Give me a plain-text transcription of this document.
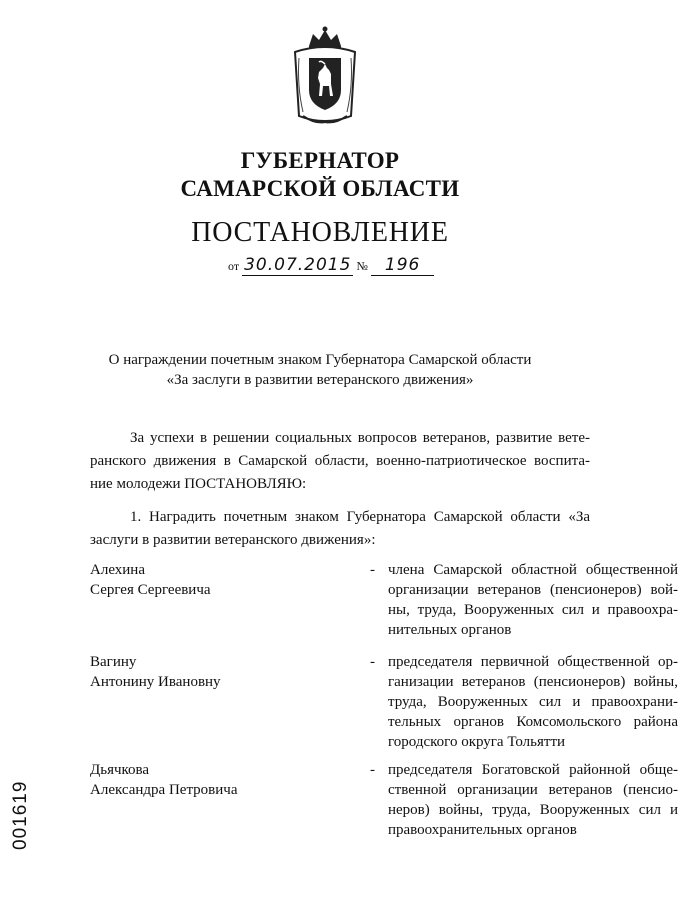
ГУБЕРНАТОР
САМАРСКОЙ ОБЛАСТИ
ПОСТАНОВЛЕНИЕ
от 30.07.2015 № 196
О награждении почетным знаком Губернатора Самарской области
«За заслуги в развитии ветеранского движения»
За успехи в решении социальных вопросов ветеранов, развитие вете-
ранского движения в Самарской области, военно-патриотическое воспита-
ние молодежи ПОСТАНОВЛЯЮ:
1. Наградить почетным знаком Губернатора Самарской области «За
заслуги в развитии ветеранского движения»:
Алехина
Сергея Сергеевича
- члена Самарской областной общественной
организации ветеранов (пенсионеров) вой-
ны, труда, Вооруженных сил и правоохра-
нительных органов
Вагину
Антонину Ивановну
- председателя первичной общественной ор-
ганизации ветеранов (пенсионеров) войны,
труда, Вооруженных сил и правоохрани-
тельных органов Комсомольского района
городского округа Тольятти
Дьячкова
Александра Петровича
- председателя Богатовской районной обще-
ственной организации ветеранов (пенсио-
неров) войны, труда, Вооруженных сил и
правоохранительных органов
001619
